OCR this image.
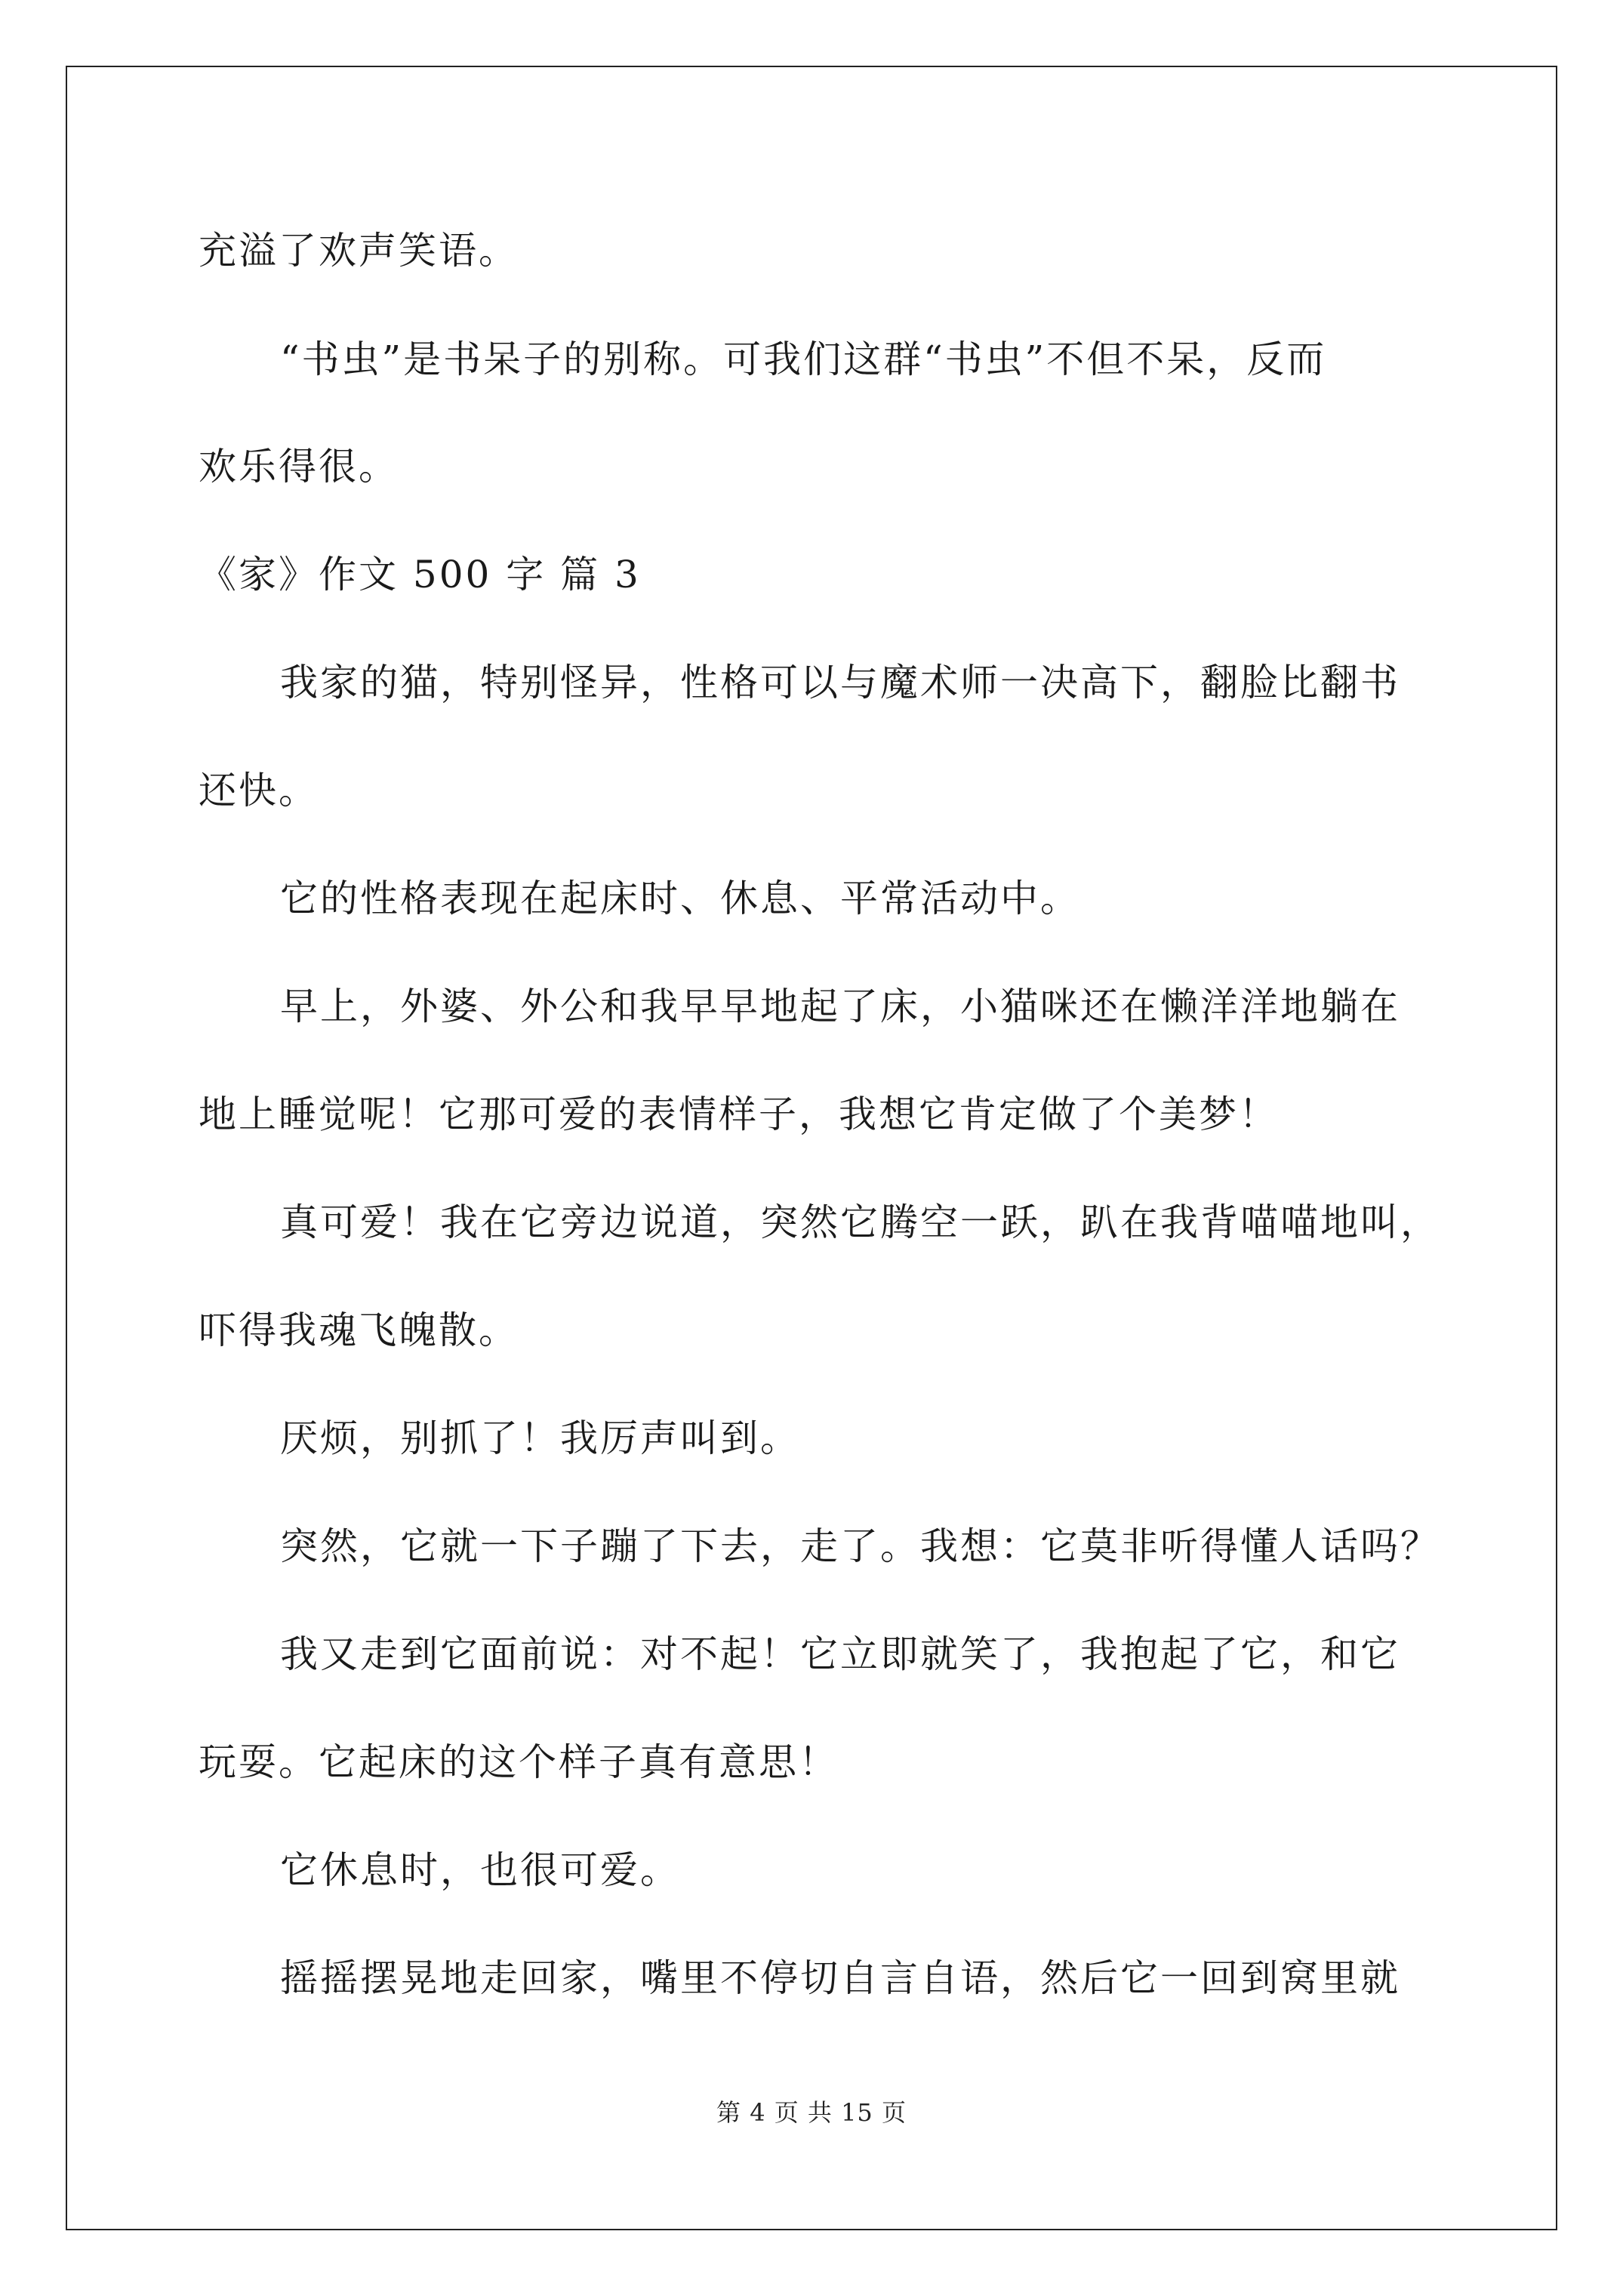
充溢了欢声笑语。
“书虫”是书呆子的别称。可我们这群“书虫”不但不呆，反而
欢乐得很。
《家》作文 500 字 篇 3
我家的猫，特别怪异，性格可以与魔术师一决高下，翻脸比翻书
还快。
它的性格表现在起床时、休息、平常活动中。
早上，外婆、外公和我早早地起了床，小猫咪还在懒洋洋地躺在
地上睡觉呢！它那可爱的表情样子，我想它肯定做了个美梦！
真可爱！我在它旁边说道，突然它腾空一跃，趴在我背喵喵地叫，
吓得我魂飞魄散。
厌烦，别抓了！我厉声叫到。
突然，它就一下子蹦了下去，走了。我想：它莫非听得懂人话吗？
我又走到它面前说：对不起！它立即就笑了，我抱起了它，和它
玩耍。它起床的这个样子真有意思！
它休息时，也很可爱。
摇摇摆晃地走回家，嘴里不停切自言自语，然后它一回到窝里就
第 4 页 共 15 页
